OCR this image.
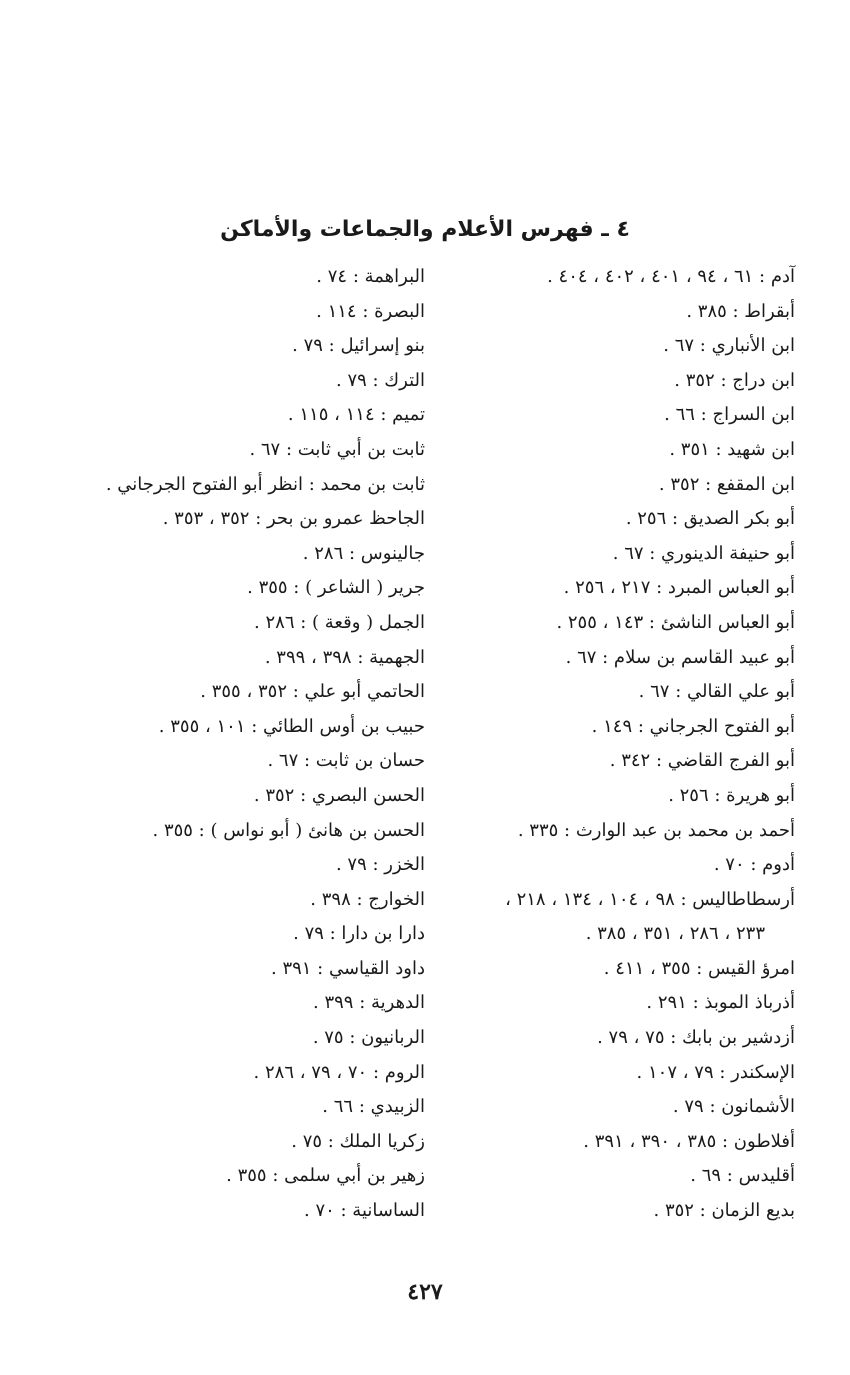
٤ ـ فهرس الأعلام والجماعات والأماكن
آدم : ٦١ ، ٩٤ ، ٤٠١ ، ٤٠٢ ، ٤٠٤ .
أبقراط : ٣٨٥ .
ابن الأنباري : ٦٧ .
ابن دراج : ٣٥٢ .
ابن السراج : ٦٦ .
ابن شهيد : ٣٥١ .
ابن المقفع : ٣٥٢ .
أبو بكر الصديق : ٢٥٦ .
أبو حنيفة الدينوري : ٦٧ .
أبو العباس المبرد : ٢١٧ ، ٢٥٦ .
أبو العباس الناشئ : ١٤٣ ، ٢٥٥ .
أبو عبيد القاسم بن سلام : ٦٧ .
أبو علي القالي : ٦٧ .
أبو الفتوح الجرجاني : ١٤٩ .
أبو الفرج القاضي : ٣٤٢ .
أبو هريرة : ٢٥٦ .
أحمد بن محمد بن عبد الوارث : ٣٣٥ .
أدوم : ٧٠ .
أرسطاطاليس : ٩٨ ، ١٠٤ ، ١٣٤ ، ٢١٨ ،
٢٣٣ ، ٢٨٦ ، ٣٥١ ، ٣٨٥ .
امرؤ القيس : ٣٥٥ ، ٤١١ .
أذرباذ الموبذ : ٢٩١ .
أزدشير بن بابك : ٧٥ ، ٧٩ .
الإسكندر : ٧٩ ، ١٠٧ .
الأشمانون : ٧٩ .
أفلاطون : ٣٨٥ ، ٣٩٠ ، ٣٩١ .
أقليدس : ٦٩ .
بديع الزمان : ٣٥٢ .
البراهمة : ٧٤ .
البصرة : ١١٤ .
بنو إسرائيل : ٧٩ .
الترك : ٧٩ .
تميم : ١١٤ ، ١١٥ .
ثابت بن أبي ثابت : ٦٧ .
ثابت بن محمد : انظر أبو الفتوح الجرجاني .
الجاحظ عمرو بن بحر : ٣٥٢ ، ٣٥٣ .
جالينوس : ٢٨٦ .
جرير ( الشاعر ) : ٣٥٥ .
الجمل ( وقعة ) : ٢٨٦ .
الجهمية : ٣٩٨ ، ٣٩٩ .
الحاتمي أبو علي : ٣٥٢ ، ٣٥٥ .
حبيب بن أوس الطائي : ١٠١ ، ٣٥٥ .
حسان بن ثابت : ٦٧ .
الحسن البصري : ٣٥٢ .
الحسن بن هانئ ( أبو نواس ) : ٣٥٥ .
الخزر : ٧٩ .
الخوارج : ٣٩٨ .
دارا بن دارا : ٧٩ .
داود القياسي : ٣٩١ .
الدهرية : ٣٩٩ .
الربانيون : ٧٥ .
الروم : ٧٠ ، ٧٩ ، ٢٨٦ .
الزبيدي : ٦٦ .
زكريا الملك : ٧٥ .
زهير بن أبي سلمى : ٣٥٥ .
الساسانية : ٧٠ .
٤٢٧
